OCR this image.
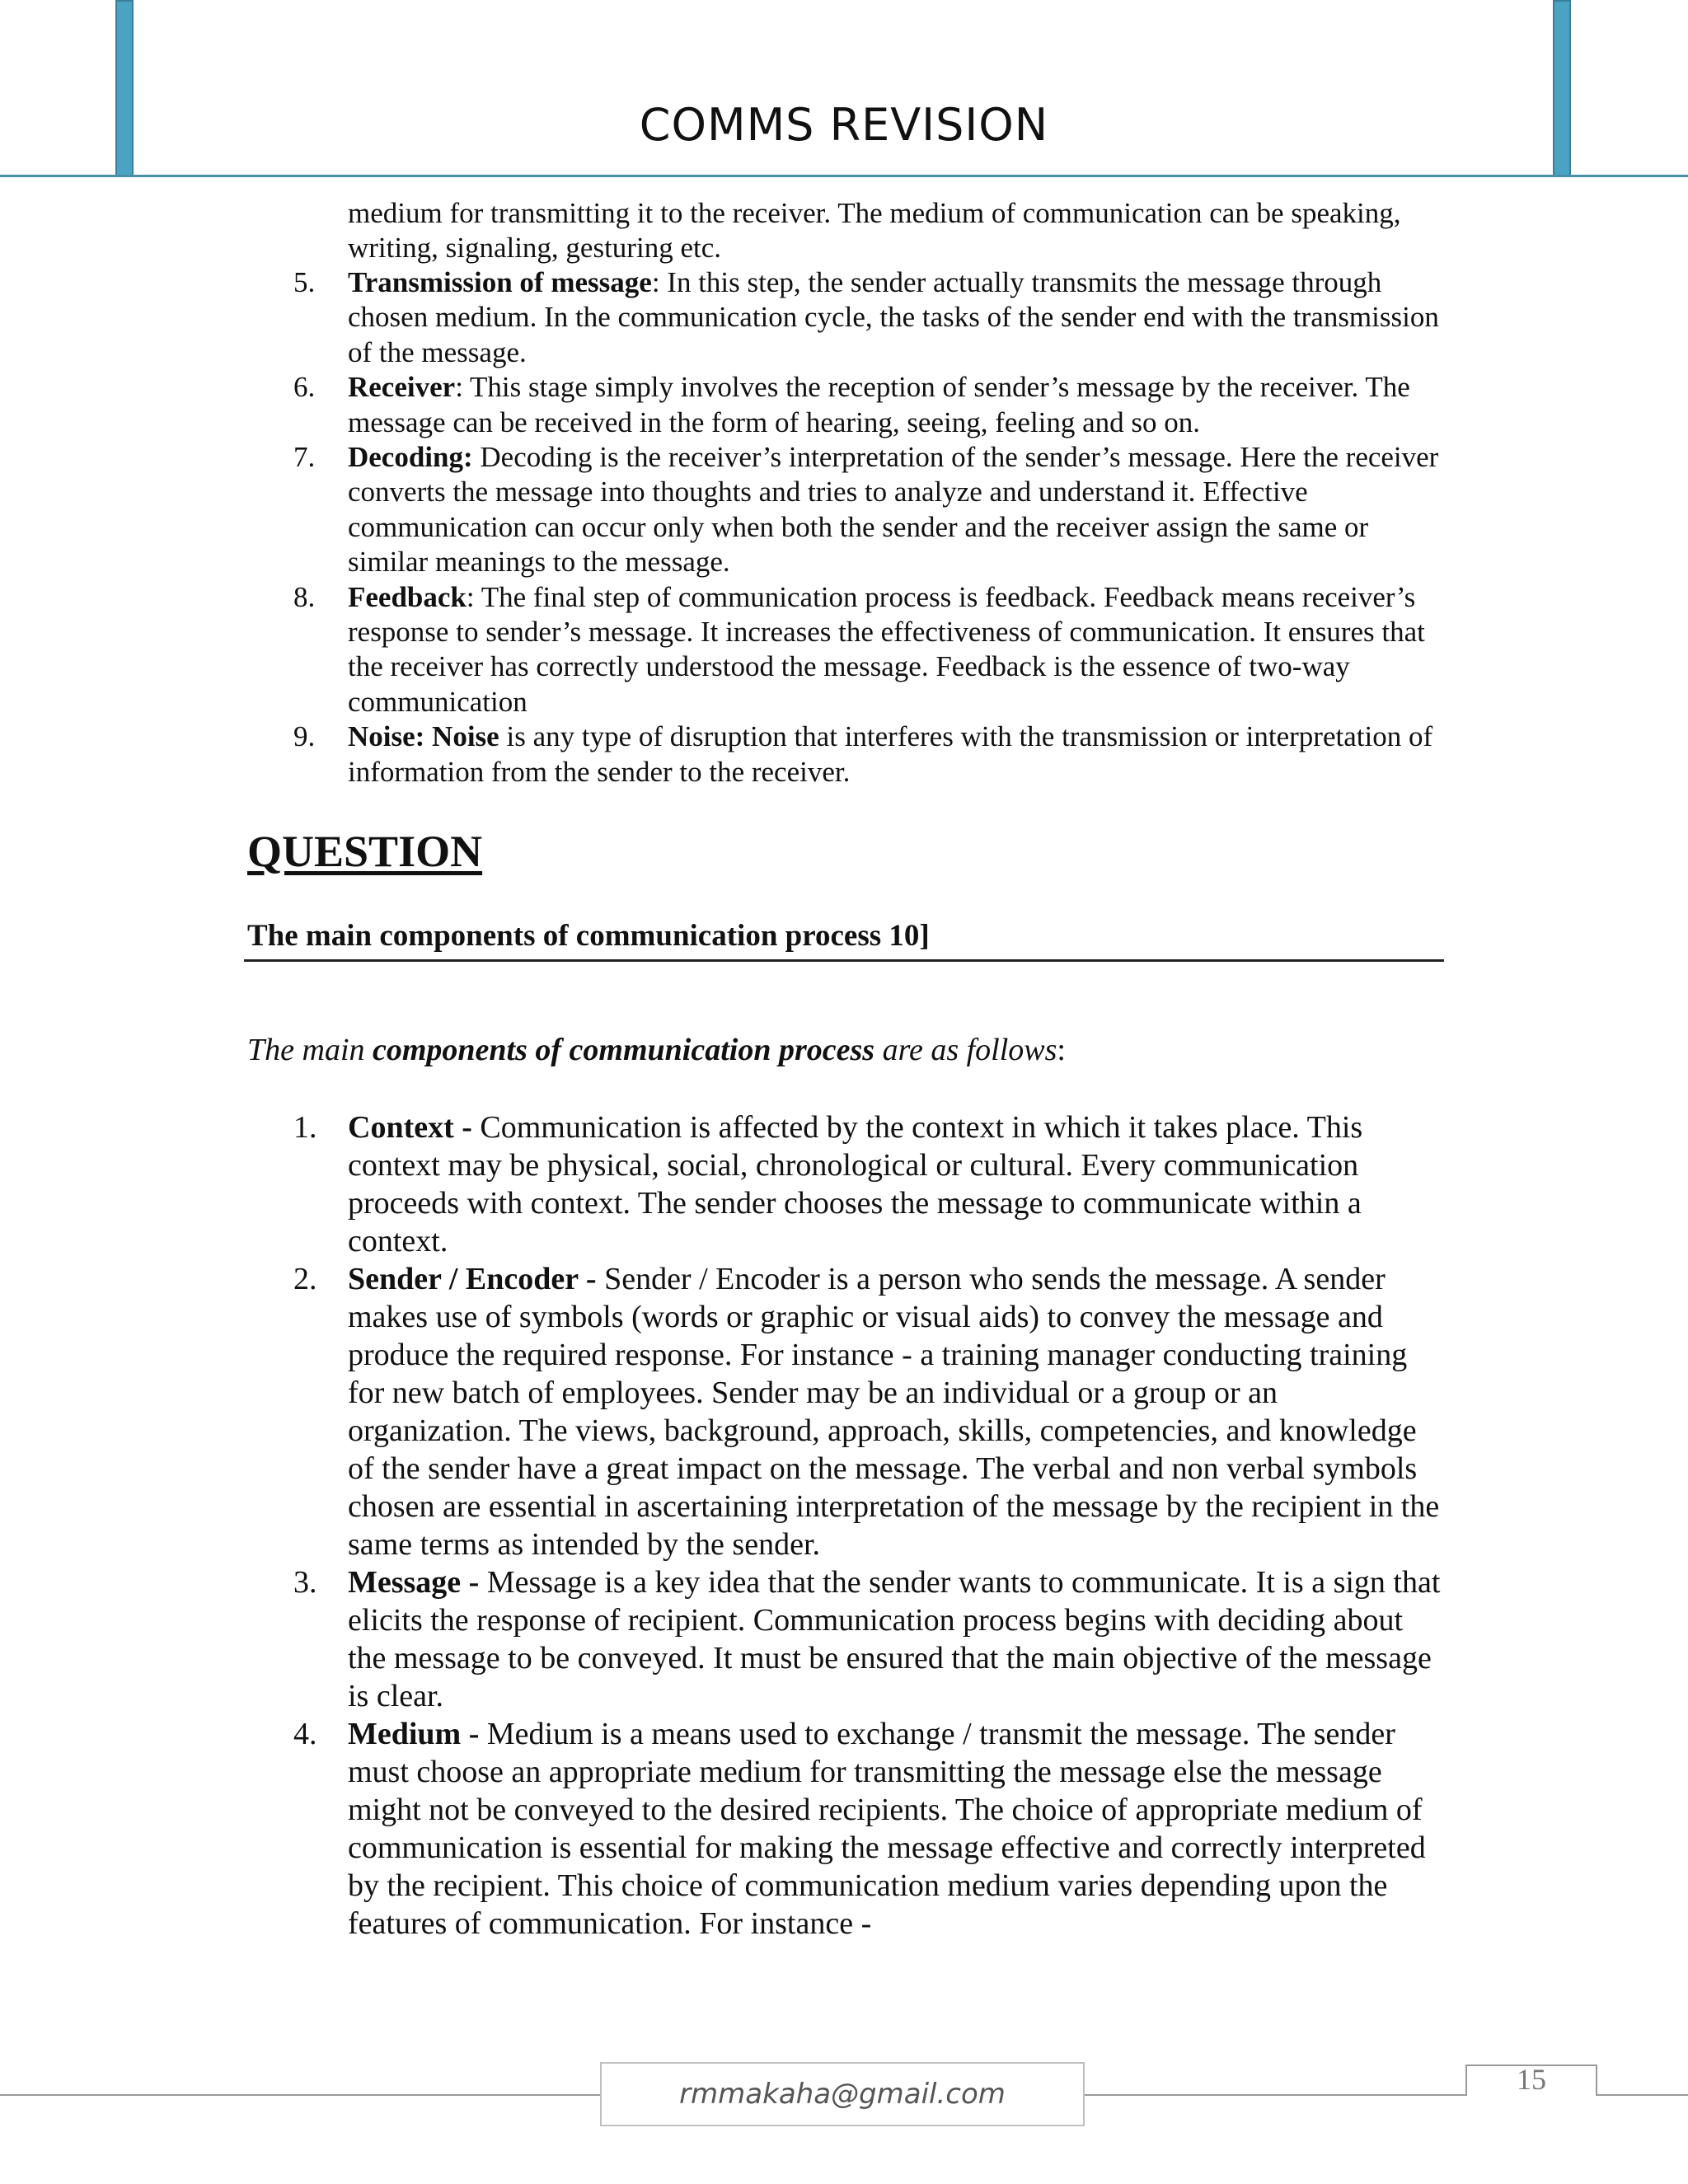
COMMS REVISION

medium for transmitting it to the receiver. The medium of communication can be speaking, writing, signaling, gesturing etc.

5. Transmission of message: In this step, the sender actually transmits the message through chosen medium. In the communication cycle, the tasks of the sender end with the transmission of the message.
6. Receiver: This stage simply involves the reception of sender’s message by the receiver. The message can be received in the form of hearing, seeing, feeling and so on.
7. Decoding: Decoding is the receiver’s interpretation of the sender’s message. Here the receiver converts the message into thoughts and tries to analyze and understand it. Effective communication can occur only when both the sender and the receiver assign the same or similar meanings to the message.
8. Feedback: The final step of communication process is feedback. Feedback means receiver’s response to sender’s message. It increases the effectiveness of communication. It ensures that the receiver has correctly understood the message. Feedback is the essence of two-way communication
9. Noise: Noise is any type of disruption that interferes with the transmission or interpretation of information from the sender to the receiver.

QUESTION

The main components of communication process 10]

The main components of communication process are as follows:

1. Context - Communication is affected by the context in which it takes place. This context may be physical, social, chronological or cultural. Every communication proceeds with context. The sender chooses the message to communicate within a context.
2. Sender / Encoder - Sender / Encoder is a person who sends the message. A sender makes use of symbols (words or graphic or visual aids) to convey the message and produce the required response. For instance - a training manager conducting training for new batch of employees. Sender may be an individual or a group or an organization. The views, background, approach, skills, competencies, and knowledge of the sender have a great impact on the message. The verbal and non verbal symbols chosen are essential in ascertaining interpretation of the message by the recipient in the same terms as intended by the sender.
3. Message - Message is a key idea that the sender wants to communicate. It is a sign that elicits the response of recipient. Communication process begins with deciding about the message to be conveyed. It must be ensured that the main objective of the message is clear.
4. Medium - Medium is a means used to exchange / transmit the message. The sender must choose an appropriate medium for transmitting the message else the message might not be conveyed to the desired recipients. The choice of appropriate medium of communication is essential for making the message effective and correctly interpreted by the recipient. This choice of communication medium varies depending upon the features of communication. For instance -
rmmakaha@gmail.com	15
